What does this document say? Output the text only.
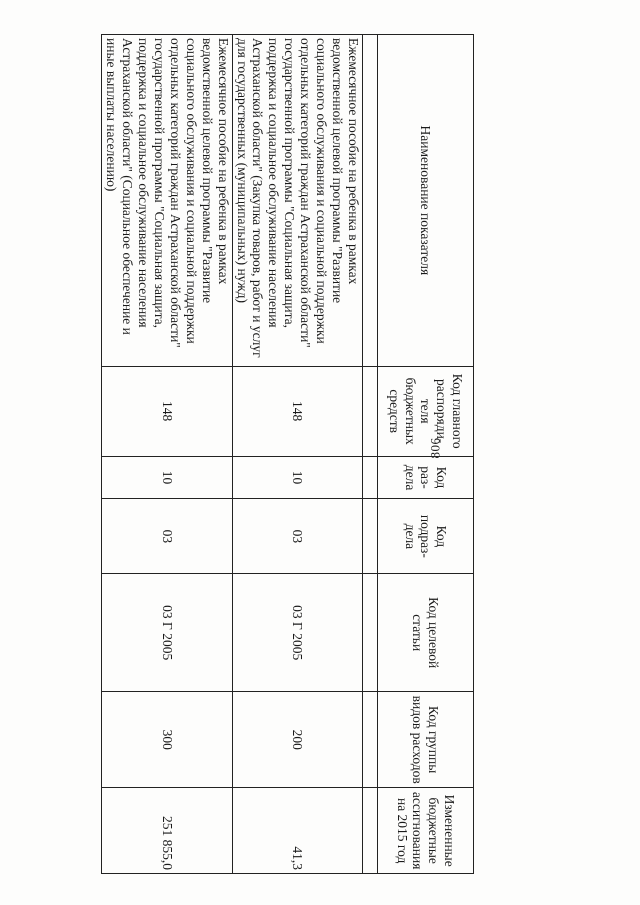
806
Наименование показателя	Код главного распоряди-теля бюджетных средств	Код раз-дела	Код подраз-дела	Код целевой статьи	Код группы видов расходов	Измененные бюджетные ассигнования на 2015 год

Ежемесячное пособие на ребенка в рамках ведомственной целевой программы "Развитие социального обслуживания и социальной поддержки отдельных категорий граждан Астраханской области" государственной программы "Социальная защита, поддержка и социальное обслуживание населения Астраханской области" (Закупка товаров, работ и услуг для государственных (муниципальных) нужд)	148	10	03	03 Г 2005	200	41,3
Ежемесячное пособие на ребенка в рамках ведомственной целевой программы "Развитие социального обслуживания и социальной поддержки отдельных категорий граждан Астраханской области" государственной программы "Социальная защита, поддержка и социальное обслуживание населения Астраханской области" (Социальное обеспечение и иные выплаты населению)	148	10	03	03 Г 2005	300	251 855,0
